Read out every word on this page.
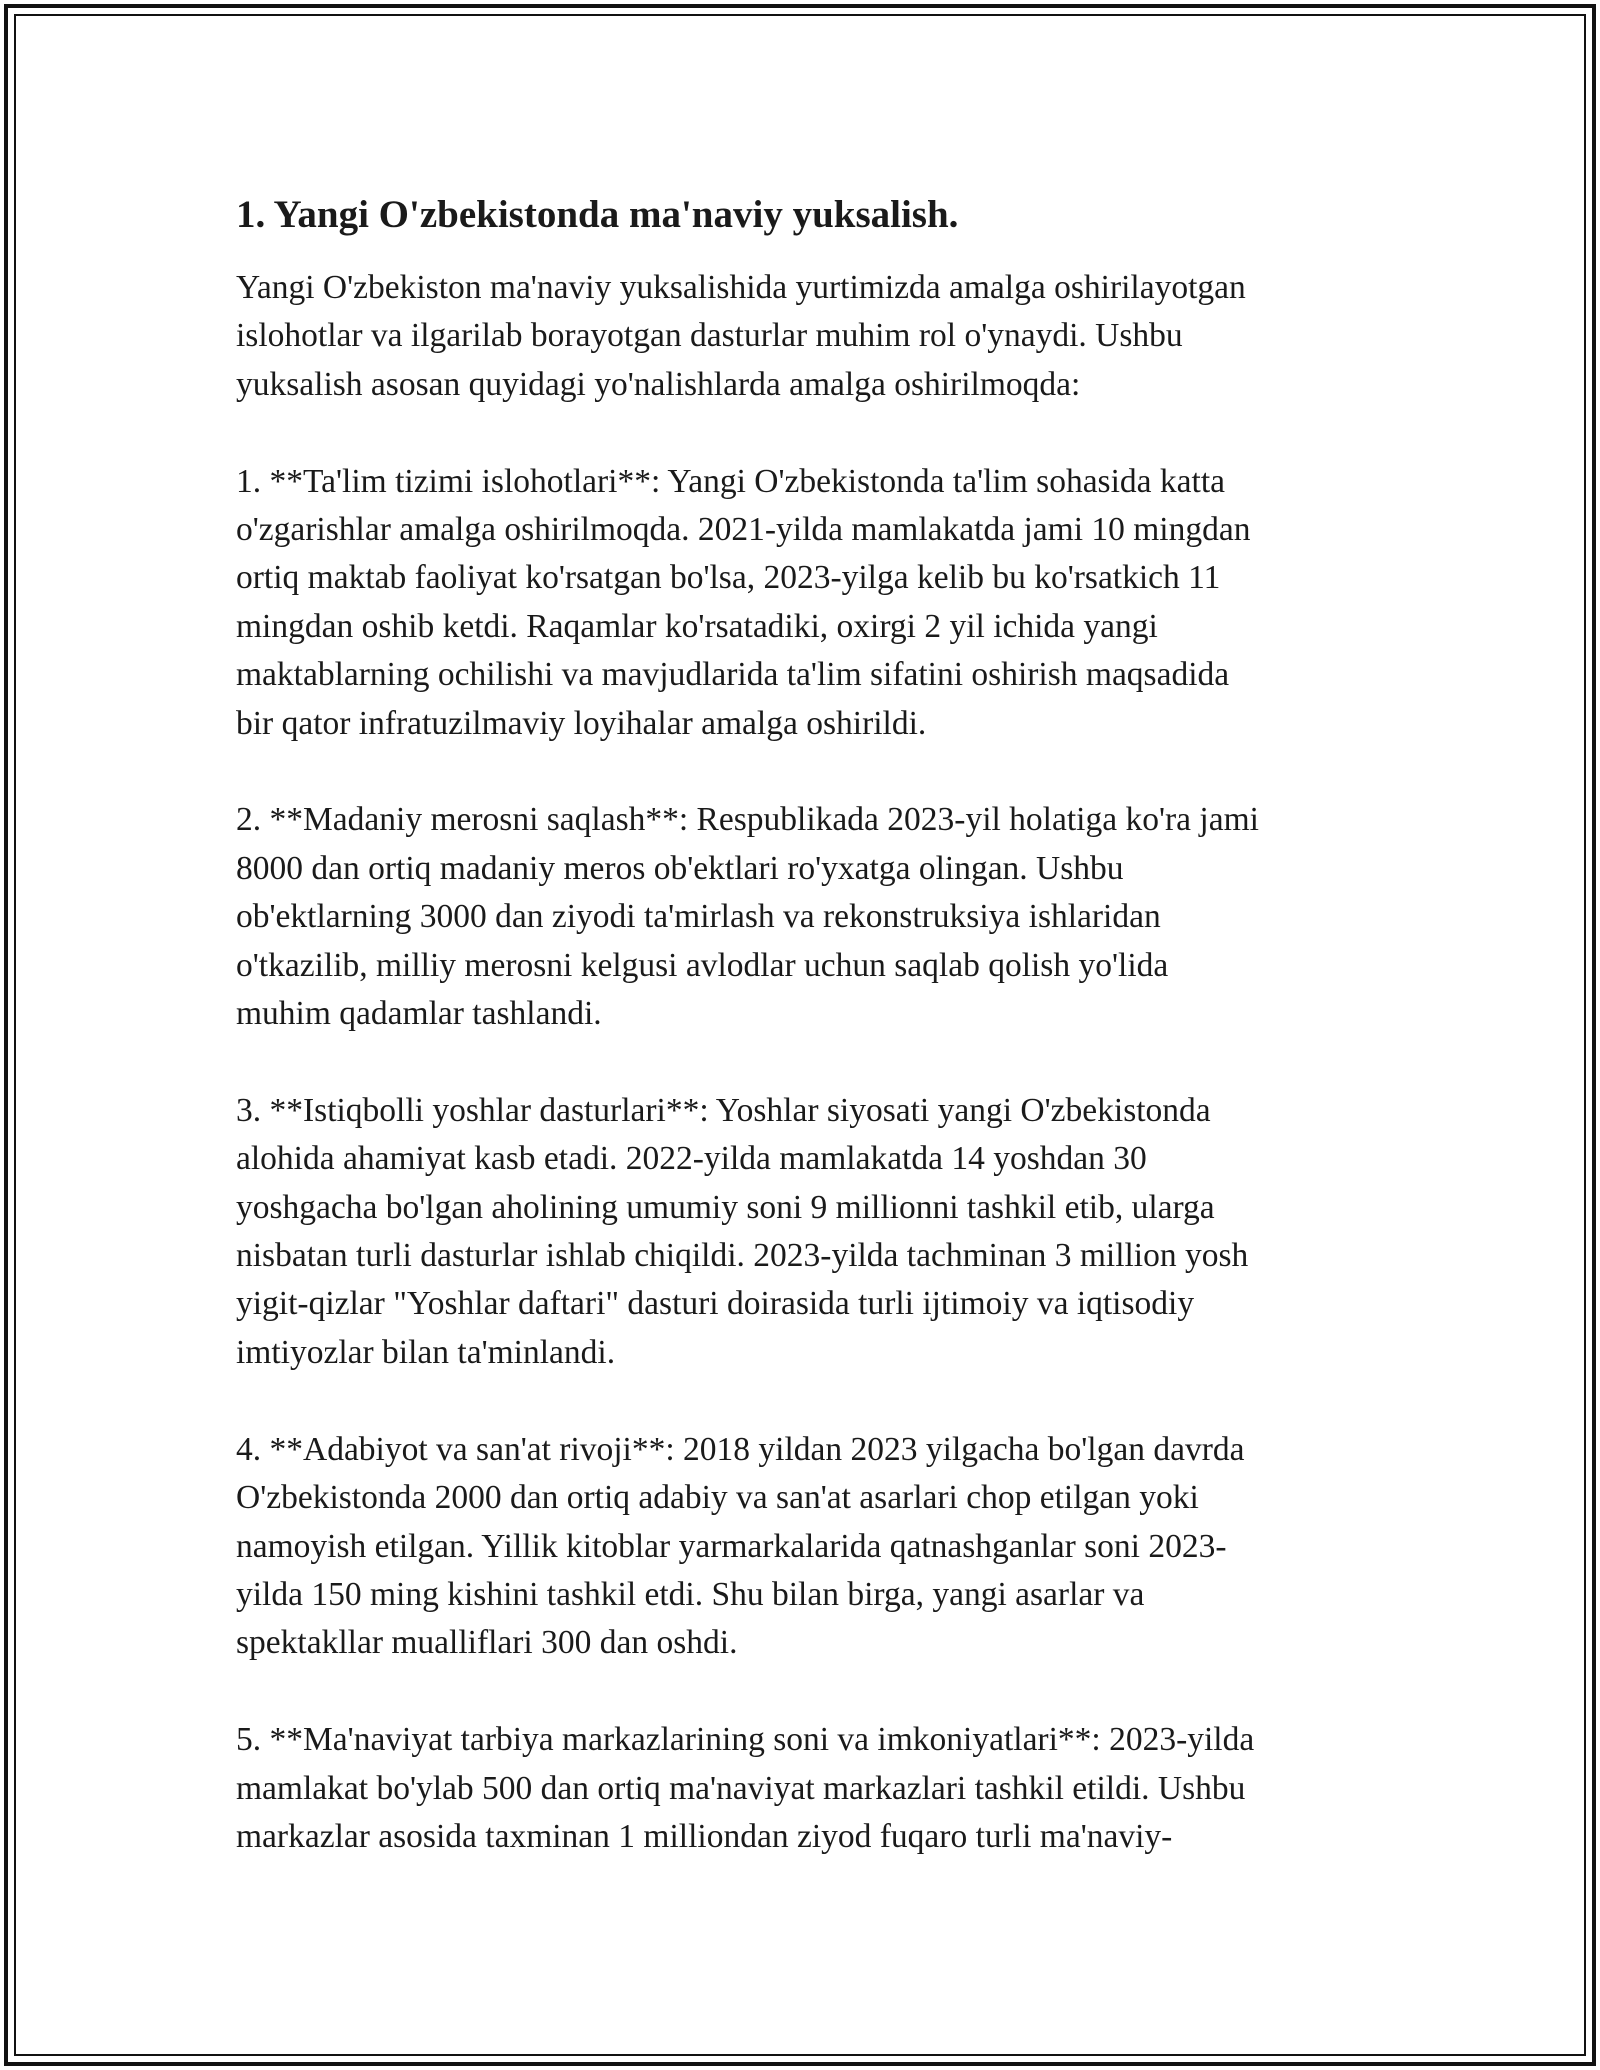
1. Yangi O'zbekistonda ma'naviy yuksalish.

Yangi O'zbekiston ma'naviy yuksalishida yurtimizda amalga oshirilayotgan
islohotlar va ilgarilab borayotgan dasturlar muhim rol o'ynaydi. Ushbu
yuksalish asosan quyidagi yo'nalishlarda amalga oshirilmoqda:

1. **Ta'lim tizimi islohotlari**: Yangi O'zbekistonda ta'lim sohasida katta
o'zgarishlar amalga oshirilmoqda. 2021-yilda mamlakatda jami 10 mingdan
ortiq maktab faoliyat ko'rsatgan bo'lsa, 2023-yilga kelib bu ko'rsatkich 11
mingdan oshib ketdi. Raqamlar ko'rsatadiki, oxirgi 2 yil ichida yangi
maktablarning ochilishi va mavjudlarida ta'lim sifatini oshirish maqsadida
bir qator infratuzilmaviy loyihalar amalga oshirildi.

2. **Madaniy merosni saqlash**: Respublikada 2023-yil holatiga ko'ra jami
8000 dan ortiq madaniy meros ob'ektlari ro'yxatga olingan. Ushbu
ob'ektlarning 3000 dan ziyodi ta'mirlash va rekonstruksiya ishlaridan
o'tkazilib, milliy merosni kelgusi avlodlar uchun saqlab qolish yo'lida
muhim qadamlar tashlandi.

3. **Istiqbolli yoshlar dasturlari**: Yoshlar siyosati yangi O'zbekistonda
alohida ahamiyat kasb etadi. 2022-yilda mamlakatda 14 yoshdan 30
yoshgacha bo'lgan aholining umumiy soni 9 millionni tashkil etib, ularga
nisbatan turli dasturlar ishlab chiqildi. 2023-yilda tachminan 3 million yosh
yigit-qizlar "Yoshlar daftari" dasturi doirasida turli ijtimoiy va iqtisodiy
imtiyozlar bilan ta'minlandi.

4. **Adabiyot va san'at rivoji**: 2018 yildan 2023 yilgacha bo'lgan davrda
O'zbekistonda 2000 dan ortiq adabiy va san'at asarlari chop etilgan yoki
namoyish etilgan. Yillik kitoblar yarmarkalarida qatnashganlar soni 2023-
yilda 150 ming kishini tashkil etdi. Shu bilan birga, yangi asarlar va
spektakllar mualliflari 300 dan oshdi.

5. **Ma'naviyat tarbiya markazlarining soni va imkoniyatlari**: 2023-yilda
mamlakat bo'ylab 500 dan ortiq ma'naviyat markazlari tashkil etildi. Ushbu
markazlar asosida taxminan 1 milliondan ziyod fuqaro turli ma'naviy-
